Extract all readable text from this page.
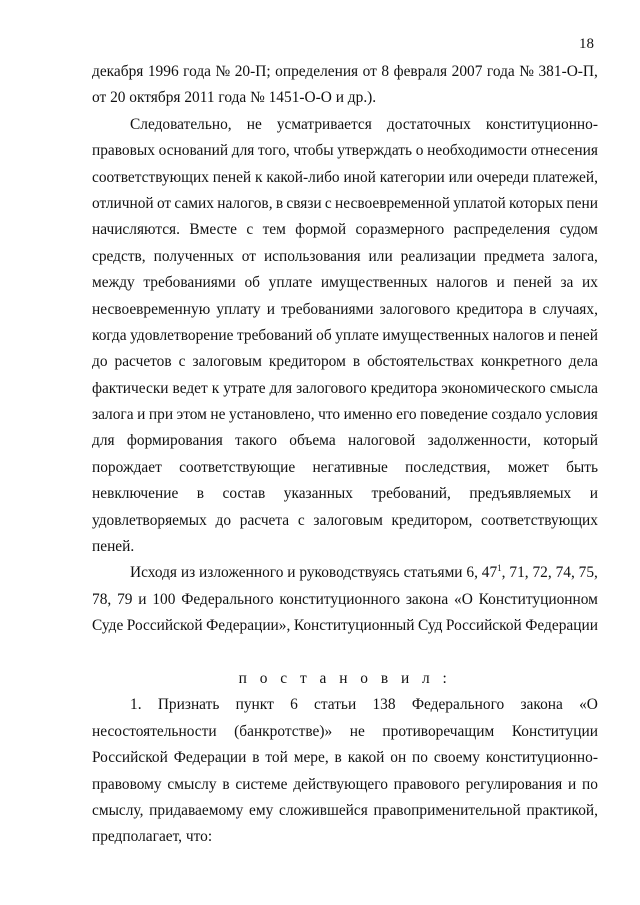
18
декабря 1996 года № 20-П; определения от 8 февраля 2007 года № 381-О-П,
от 20 октября 2011 года № 1451-О-О и др.).
Следовательно, не усматривается достаточных конституционно-
правовых оснований для того, чтобы утверждать о необходимости отнесения
соответствующих пеней к какой-либо иной категории или очереди платежей,
отличной от самих налогов, в связи с несвоевременной уплатой которых пени
начисляются. Вместе с тем формой соразмерного распределения судом
средств, полученных от использования или реализации предмета залога,
между требованиями об уплате имущественных налогов и пеней за их
несвоевременную уплату и требованиями залогового кредитора в случаях,
когда удовлетворение требований об уплате имущественных налогов и пеней
до расчетов с залоговым кредитором в обстоятельствах конкретного дела
фактически ведет к утрате для залогового кредитора экономического смысла
залога и при этом не установлено, что именно его поведение создало условия
для формирования такого объема налоговой задолженности, который
порождает соответствующие негативные последствия, может быть
невключение в состав указанных требований, предъявляемых и
удовлетворяемых до расчета с залоговым кредитором, соответствующих
пеней.
Исходя из изложенного и руководствуясь статьями 6, $47^1$, 71, 72, 74, 75,
78, 79 и 100 Федерального конституционного закона «О Конституционном
Суде Российской Федерации», Конституционный Суд Российской Федерации
п о с т а н о в и л :
1. Признать пункт 6 статьи 138 Федерального закона «О
несостоятельности (банкротстве)» не противоречащим Конституции
Российской Федерации в той мере, в какой он по своему конституционно-
правовому смыслу в системе действующего правового регулирования и по
смыслу, придаваемому ему сложившейся правоприменительной практикой,
предполагает, что:
